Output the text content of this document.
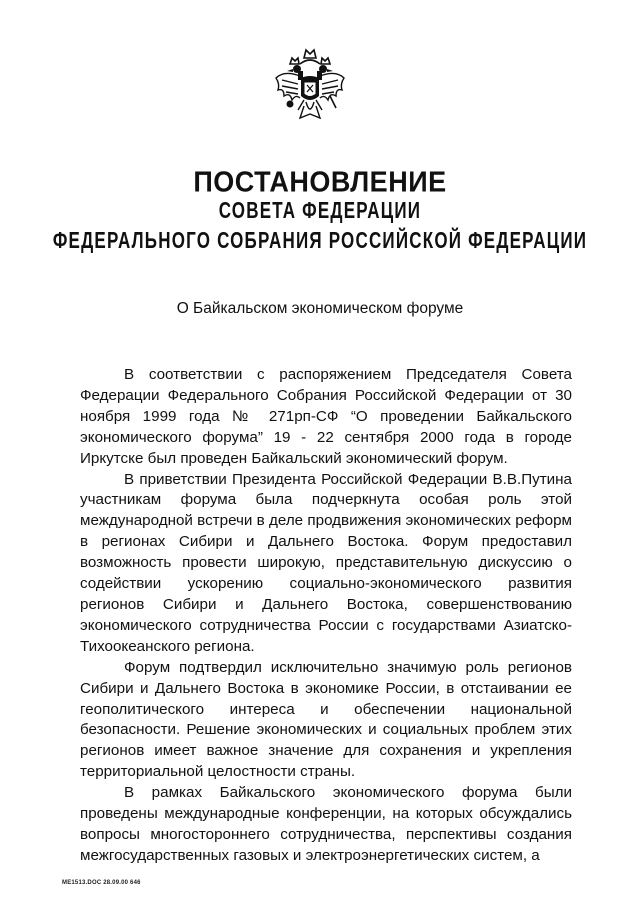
ПОСТАНОВЛЕНИЕ
СОВЕТА ФЕДЕРАЦИИ
ФЕДЕРАЛЬНОГО СОБРАНИЯ РОССИЙСКОЙ ФЕДЕРАЦИИ
О Байкальском экономическом форуме

В соответствии с распоряжением Председателя Совета Федерации Федерального Собрания Российской Федерации от 30 ноября 1999 года № 271рп-СФ “О проведении Байкальского экономического форума” 19 - 22 сентября 2000 года в городе Иркутске был проведен Байкальский экономический форум.

В приветствии Президента Российской Федерации В.В.Путина участникам форума была подчеркнута особая роль этой международной встречи в деле продвижения экономических реформ в регионах Сибири и Дальнего Востока. Форум предоставил возможность провести широкую, представительную дискуссию о содействии ускорению социально-экономического развития регионов Сибири и Дальнего Востока, совершенствованию экономического сотрудничества России с государствами Азиатско-Тихоокеанского региона.

Форум подтвердил исключительно значимую роль регионов Сибири и Дальнего Востока в экономике России, в отстаивании ее геополитического интереса и обеспечении национальной безопасности. Решение экономических и социальных проблем этих регионов имеет важное значение для сохранения и укрепления территориальной целостности страны.

В рамках Байкальского экономического форума были проведены международные конференции, на которых обсуждались вопросы многостороннего сотрудничества, перспективы создания межгосударственных газовых и электроэнергетических систем, а

ME1513.DOC 28.09.00 646
